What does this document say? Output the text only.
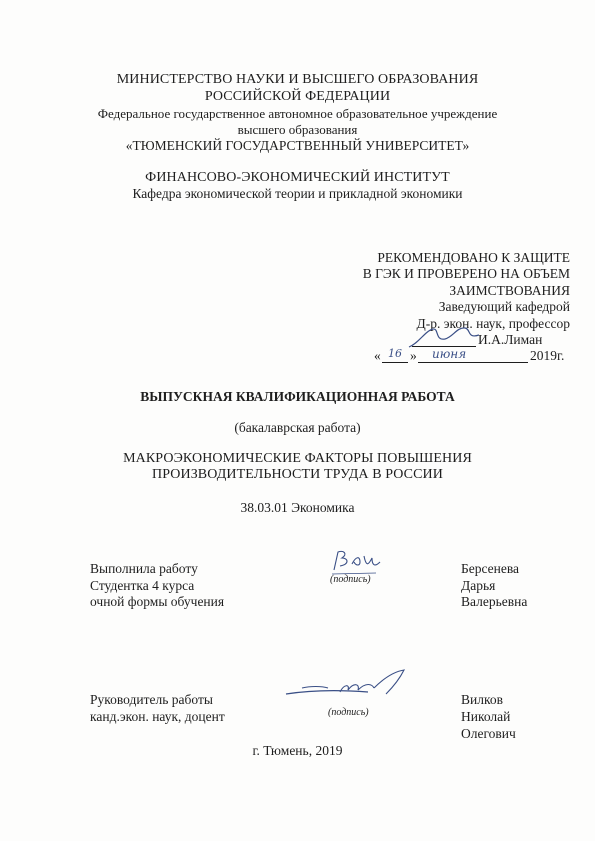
МИНИСТЕРСТВО НАУКИ И ВЫСШЕГО ОБРАЗОВАНИЯ
РОССИЙСКОЙ ФЕДЕРАЦИИ
Федеральное государственное автономное образовательное учреждение
высшего образования
«ТЮМЕНСКИЙ ГОСУДАРСТВЕННЫЙ УНИВЕРСИТЕТ»
ФИНАНСОВО-ЭКОНОМИЧЕСКИЙ ИНСТИТУТ
Кафедра экономической теории и прикладной экономики
РЕКОМЕНДОВАНО К ЗАЩИТЕ
В ГЭК И ПРОВЕРЕНО НА ОБЪЕМ
ЗАИМСТВОВАНИЯ
Заведующий кафедрой
Д-р. экон. наук, профессор
И.А.Лиман
« 16 » июня	2019г.
ВЫПУСКНАЯ КВАЛИФИКАЦИОННАЯ РАБОТА
(бакалаврская работа)
МАКРОЭКОНОМИЧЕСКИЕ ФАКТОРЫ ПОВЫШЕНИЯ
ПРОИЗВОДИТЕЛЬНОСТИ ТРУДА В РОССИИ
38.03.01 Экономика
Выполнила работу
Студентка 4 курса
очной формы обучения
(подпись)
Берсенева
Дарья
Валерьевна
Руководитель работы
канд.экон. наук, доцент	(подпись)
Вилков
Николай
Олегович
г. Тюмень, 2019
